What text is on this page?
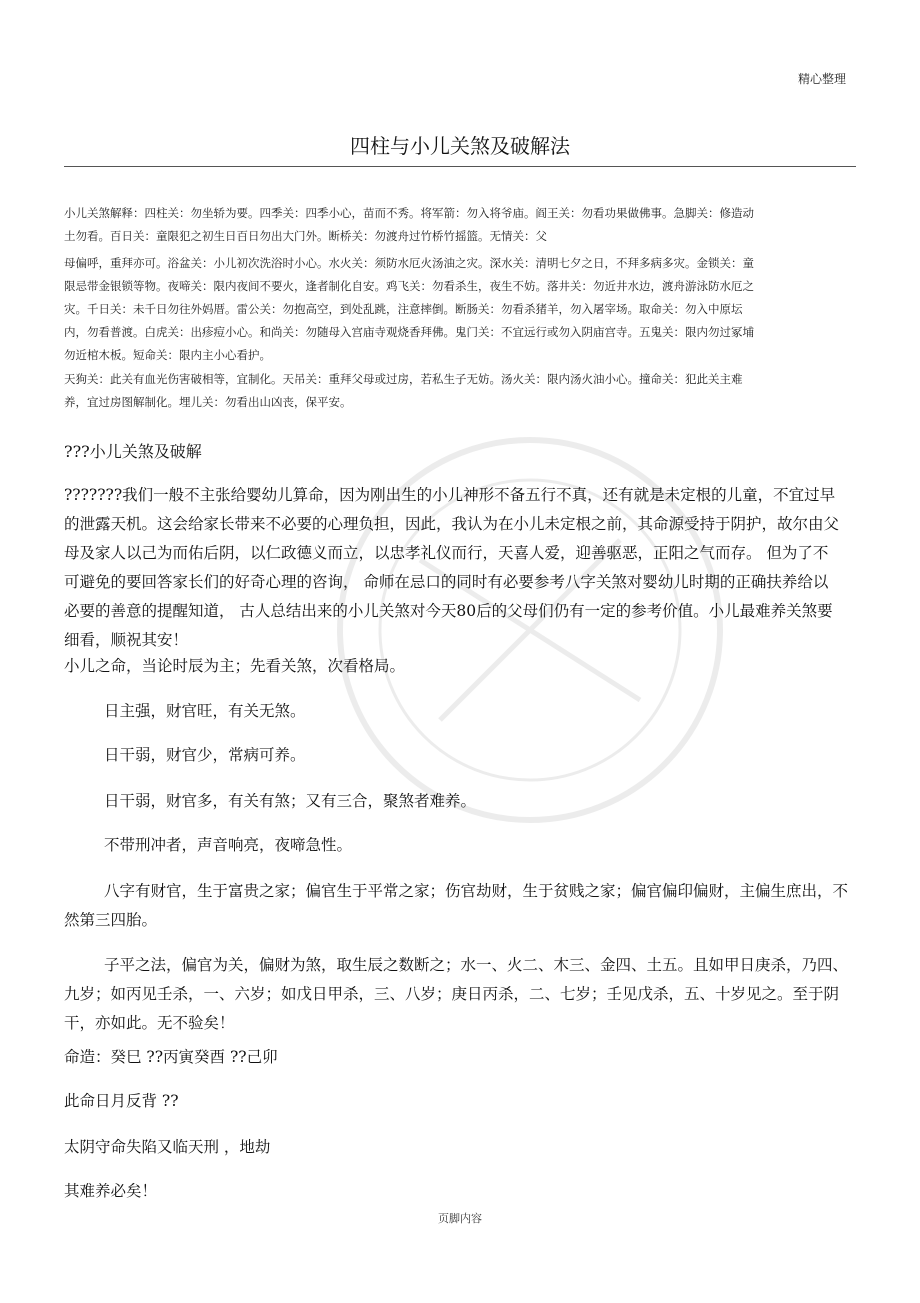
精心整理
四柱与小儿关煞及破解法
小儿关煞解释：四柱关：勿坐轿为要。四季关：四季小心，苗而不秀。将军箭：勿入将爷庙。阎王关：勿看功果做佛事。急脚关：修造动土勿看。百日关：童限犯之初生日百日勿出大门外。断桥关：勿渡舟过竹桥竹摇篮。无情关：父
母偏呼，重拜亦可。浴盆关：小儿初次洗浴时小心。水火关：须防水厄火汤油之灾。深水关：清明七夕之日，不拜多病多灾。金锁关：童限忌带金银锁等物。夜啼关：限内夜间不要火，逢者制化自安。鸡飞关：勿看杀生，夜生不妨。落井关：勿近井水边，渡舟游泳防水厄之灾。千日关：未千日勿往外妈厝。雷公关：勿抱高空，到处乱跳，注意摔倒。断肠关：勿看杀猪羊，勿入屠宰场。取命关：勿入中原坛内，勿看普渡。白虎关：出疹痘小心。和尚关：勿随母入宫庙寺观烧香拜佛。鬼门关：不宜远行或勿入阴庙宫寺。五鬼关：限内勿过冢埔勿近棺木板。短命关：限内主小心看护。
天狗关：此关有血光伤害破相等，宜制化。天吊关：重拜父母或过房，若私生子无妨。汤火关：限内汤火油小心。撞命关：犯此关主难养，宜过房图解制化。埋儿关：勿看出山凶丧，保平安。
???小儿关煞及破解
???????我们一般不主张给婴幼儿算命，因为刚出生的小儿神形不备五行不真，还有就是未定根的儿童，不宜过早的泄露天机。这会给家长带来不必要的心理负担，因此，我认为在小儿未定根之前，其命源受持于阴护，故尔由父母及家人以己为而佑后阴，以仁政德义而立，以忠孝礼仪而行，天喜人爱，迎善驱恶，正阳之气而存。 但为了不可避免的要回答家长们的好奇心理的咨询， 命师在忌口的同时有必要参考八字关煞对婴幼儿时期的正确扶养给以必要的善意的提醒知道， 古人总结出来的小儿关煞对今天80后的父母们仍有一定的参考价值。小儿最难养关煞要细看，顺祝其安！
小儿之命，当论时辰为主；先看关煞，次看格局。
日主强，财官旺，有关无煞。
日干弱，财官少，常病可养。
日干弱，财官多，有关有煞；又有三合，聚煞者难养。
不带刑冲者，声音响亮，夜啼急性。
八字有财官，生于富贵之家；偏官生于平常之家；伤官劫财，生于贫贱之家；偏官偏印偏财，主偏生庶出，不然第三四胎。
子平之法，偏官为关，偏财为煞，取生辰之数断之；水一、火二、木三、金四、土五。且如甲日庚杀，乃四、九岁；如丙见壬杀，一、六岁；如戊日甲杀，三、八岁；庚日丙杀，二、七岁；壬见戊杀，五、十岁见之。至于阴干，亦如此。无不验矣！
命造：癸巳 ??丙寅癸酉 ??己卯
此命日月反背 ??
太阴守命失陷又临天刑 ，地劫
其难养必矣！
页脚内容
